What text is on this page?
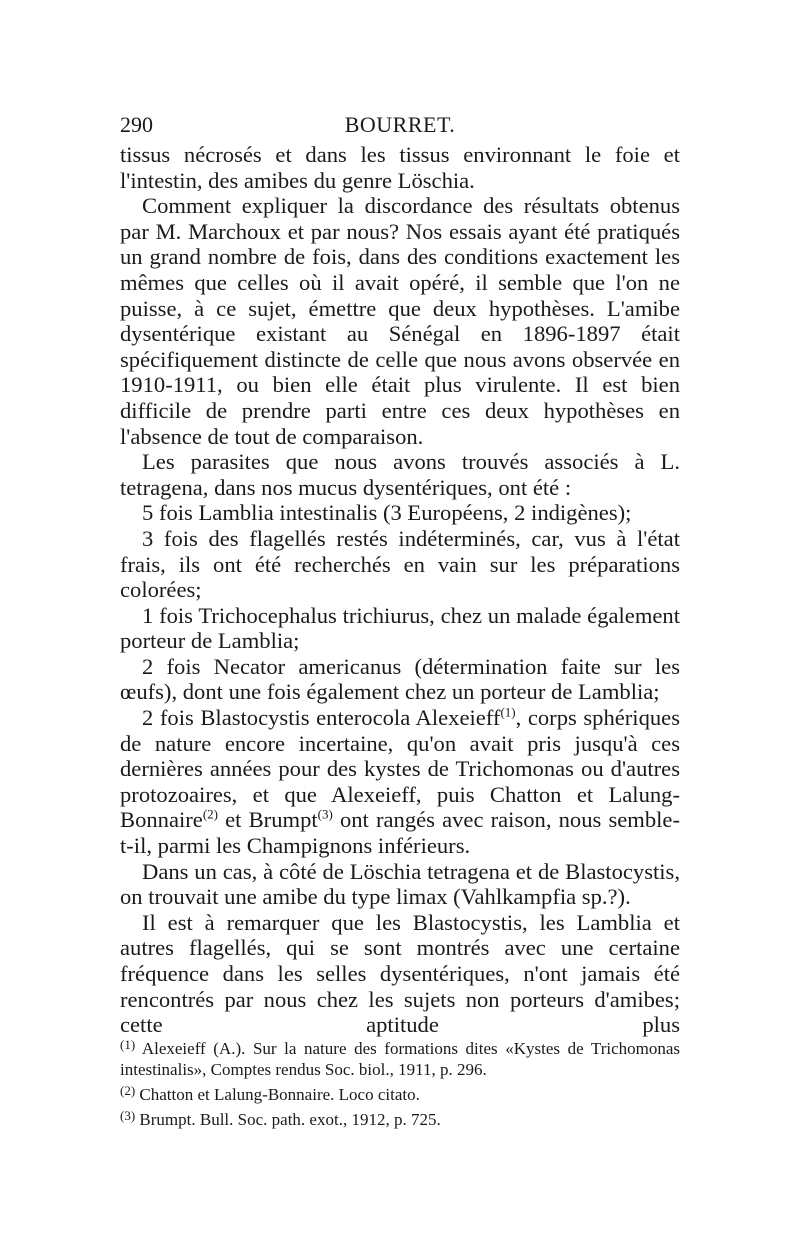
290	BOURRET.

tissus nécrosés et dans les tissus environnant le foie et l'intestin, des amibes du genre Löschia.

Comment expliquer la discordance des résultats obtenus par M. Marchoux et par nous? Nos essais ayant été pratiqués un grand nombre de fois, dans des conditions exactement les mêmes que celles où il avait opéré, il semble que l'on ne puisse, à ce sujet, émettre que deux hypothèses. L'amibe dysentérique existant au Sénégal en 1896-1897 était spécifiquement distincte de celle que nous avons observée en 1910-1911, ou bien elle était plus virulente. Il est bien difficile de prendre parti entre ces deux hypothèses en l'absence de tout de comparaison.

Les parasites que nous avons trouvés associés à L. tetragena, dans nos mucus dysentériques, ont été :

5 fois Lamblia intestinalis (3 Européens, 2 indigènes);

3 fois des flagellés restés indéterminés, car, vus à l'état frais, ils ont été recherchés en vain sur les préparations colorées;

1 fois Trichocephalus trichiurus, chez un malade également porteur de Lamblia;

2 fois Necator americanus (détermination faite sur les œufs), dont une fois également chez un porteur de Lamblia;

2 fois Blastocystis enterocola Alexeieff$^{(1)}$, corps sphériques de nature encore incertaine, qu'on avait pris jusqu'à ces dernières années pour des kystes de Trichomonas ou d'autres protozoaires, et que Alexeieff, puis Chatton et Lalung-Bonnaire$^{(2)}$ et Brumpt$^{(3)}$ ont rangés avec raison, nous semble-t-il, parmi les Champignons inférieurs.

Dans un cas, à côté de Löschia tetragena et de Blastocystis, on trouvait une amibe du type limax (Vahlkampfia sp.?).

Il est à remarquer que les Blastocystis, les Lamblia et autres flagellés, qui se sont montrés avec une certaine fréquence dans les selles dysentériques, n'ont jamais été rencontrés par nous chez les sujets non porteurs d'amibes; cette aptitude plus

$^{(1)}$ Alexeieff (A.). Sur la nature des formations dites «Kystes de Trichomonas intestinalis», Comptes rendus Soc. biol., 1911, p. 296.

$^{(2)}$ Chatton et Lalung-Bonnaire. Loco citato.

$^{(3)}$ Brumpt. Bull. Soc. path. exot., 1912, p. 725.
